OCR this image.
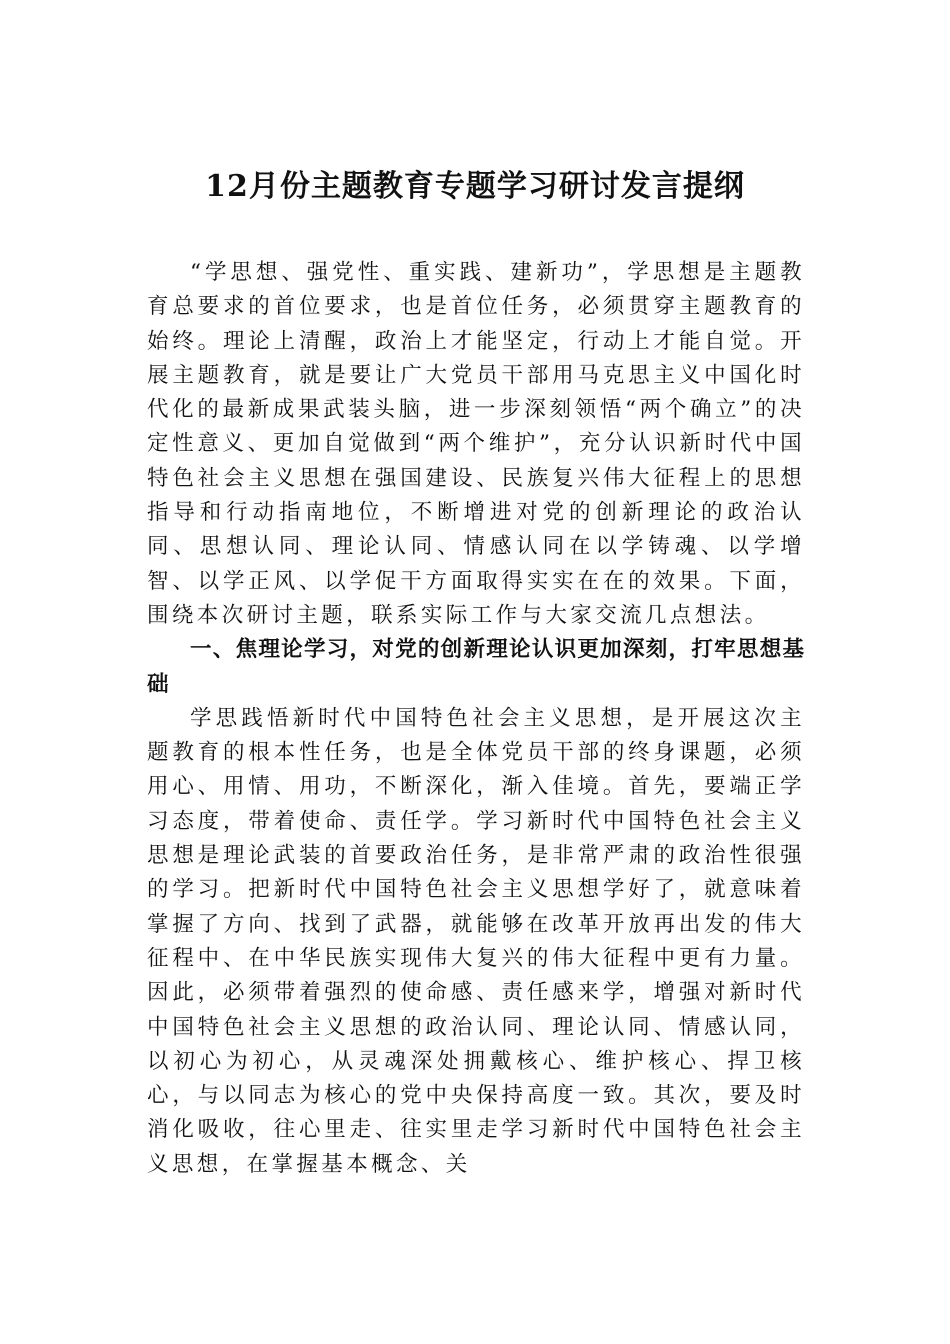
12月份主题教育专题学习研讨发言提纲

“学思想、强党性、重实践、建新功”，学思想是主题教育总要求的首位要求，也是首位任务，必须贯穿主题教育的始终。理论上清醒，政治上才能坚定，行动上才能自觉。开展主题教育，就是要让广大党员干部用马克思主义中国化时代化的最新成果武装头脑，进一步深刻领悟“两个确立”的决定性意义、更加自觉做到“两个维护”，充分认识新时代中国特色社会主义思想在强国建设、民族复兴伟大征程上的思想指导和行动指南地位，不断增进对党的创新理论的政治认同、思想认同、理论认同、情感认同在以学铸魂、以学增智、以学正风、以学促干方面取得实实在在的效果。下面，围绕本次研讨主题，联系实际工作与大家交流几点想法。

一、焦理论学习，对党的创新理论认识更加深刻，打牢思想基础

学思践悟新时代中国特色社会主义思想，是开展这次主题教育的根本性任务，也是全体党员干部的终身课题，必须用心、用情、用功，不断深化，渐入佳境。首先，要端正学习态度，带着使命、责任学。学习新时代中国特色社会主义思想是理论武装的首要政治任务，是非常严肃的政治性很强的学习。把新时代中国特色社会主义思想学好了，就意味着掌握了方向、找到了武器，就能够在改革开放再出发的伟大征程中、在中华民族实现伟大复兴的伟大征程中更有力量。因此，必须带着强烈的使命感、责任感来学，增强对新时代中国特色社会主义思想的政治认同、理论认同、情感认同，以初心为初心，从灵魂深处拥戴核心、维护核心、捍卫核心，与以同志为核心的党中央保持高度一致。其次，要及时消化吸收，往心里走、往实里走学习新时代中国特色社会主义思想，在掌握基本概念、关
